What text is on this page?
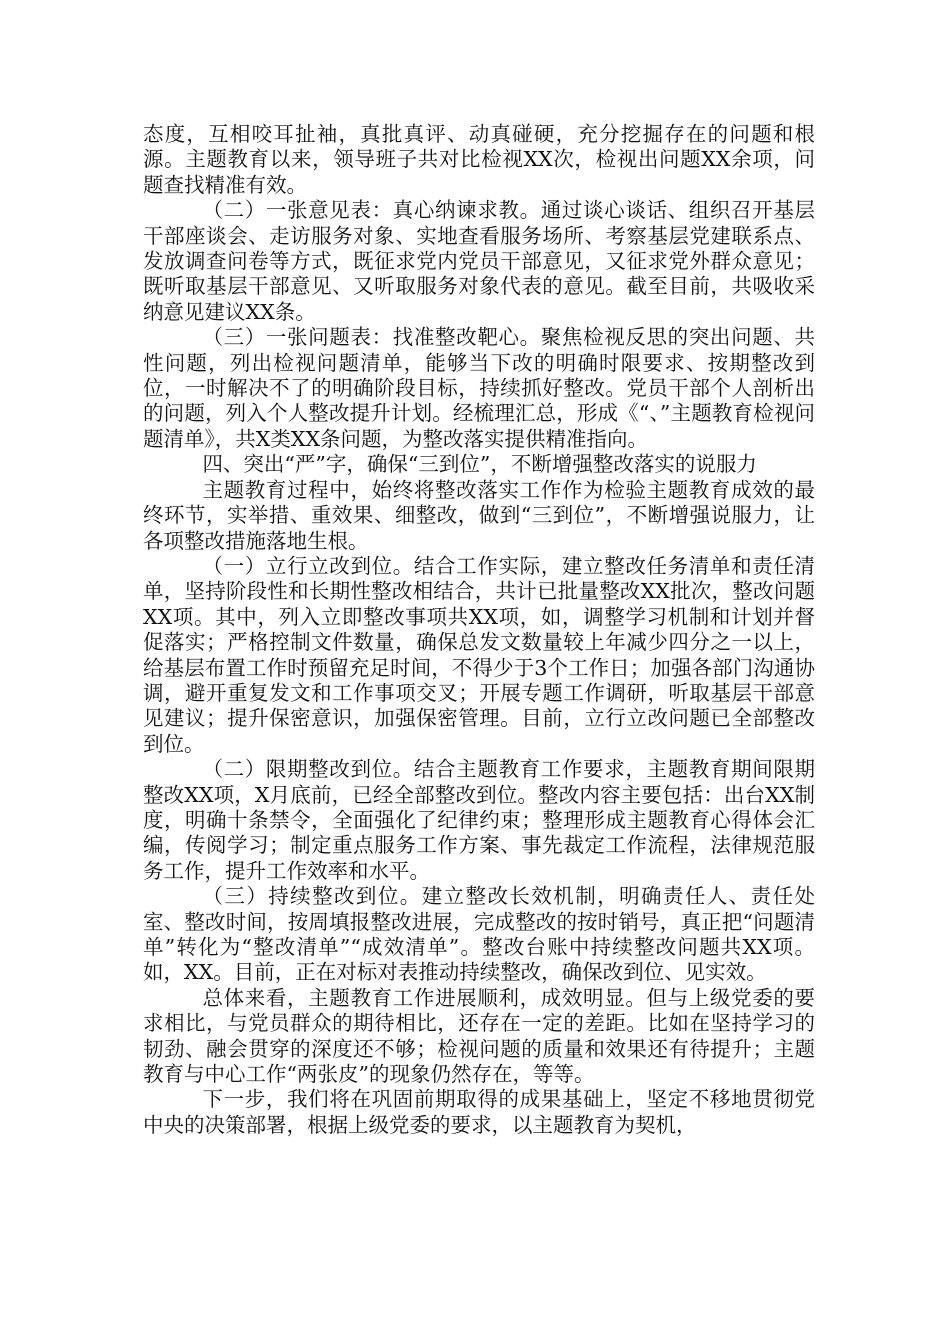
态度，互相咬耳扯袖，真批真评、动真碰硬，充分挖掘存在的问题和根源。主题教育以来，领导班子共对比检视XX次，检视出问题XX余项，问题查找精准有效。

（二）一张意见表：真心纳谏求教。通过谈心谈话、组织召开基层干部座谈会、走访服务对象、实地查看服务场所、考察基层党建联系点、发放调查问卷等方式，既征求党内党员干部意见，又征求党外群众意见；既听取基层干部意见、又听取服务对象代表的意见。截至目前，共吸收采纳意见建议XX条。

（三）一张问题表：找准整改靶心。聚焦检视反思的突出问题、共性问题，列出检视问题清单，能够当下改的明确时限要求、按期整改到位，一时解决不了的明确阶段目标，持续抓好整改。党员干部个人剖析出的问题，列入个人整改提升计划。经梳理汇总，形成《“、”主题教育检视问题清单》，共X类XX条问题，为整改落实提供精准指向。

四、突出“严”字，确保“三到位”，不断增强整改落实的说服力

主题教育过程中，始终将整改落实工作作为检验主题教育成效的最终环节，实举措、重效果、细整改，做到“三到位”，不断增强说服力，让各项整改措施落地生根。

（一）立行立改到位。结合工作实际，建立整改任务清单和责任清单，坚持阶段性和长期性整改相结合，共计已批量整改XX批次，整改问题XX项。其中，列入立即整改事项共XX项，如，调整学习机制和计划并督促落实；严格控制文件数量，确保总发文数量较上年减少四分之一以上，给基层布置工作时预留充足时间，不得少于3个工作日；加强各部门沟通协调，避开重复发文和工作事项交叉；开展专题工作调研，听取基层干部意见建议；提升保密意识，加强保密管理。目前，立行立改问题已全部整改到位。

（二）限期整改到位。结合主题教育工作要求，主题教育期间限期整改XX项，X月底前，已经全部整改到位。整改内容主要包括：出台XX制度，明确十条禁令，全面强化了纪律约束；整理形成主题教育心得体会汇编，传阅学习；制定重点服务工作方案、事先裁定工作流程，法律规范服务工作，提升工作效率和水平。

（三）持续整改到位。建立整改长效机制，明确责任人、责任处室、整改时间，按周填报整改进展，完成整改的按时销号，真正把“问题清单”转化为“整改清单”“成效清单”。整改台账中持续整改问题共XX项。如，XX。目前，正在对标对表推动持续整改，确保改到位、见实效。

总体来看，主题教育工作进展顺利，成效明显。但与上级党委的要求相比，与党员群众的期待相比，还存在一定的差距。比如在坚持学习的韧劲、融会贯穿的深度还不够；检视问题的质量和效果还有待提升；主题教育与中心工作“两张皮”的现象仍然存在，等等。

下一步，我们将在巩固前期取得的成果基础上，坚定不移地贯彻党中央的决策部署，根据上级党委的要求，以主题教育为契机，
